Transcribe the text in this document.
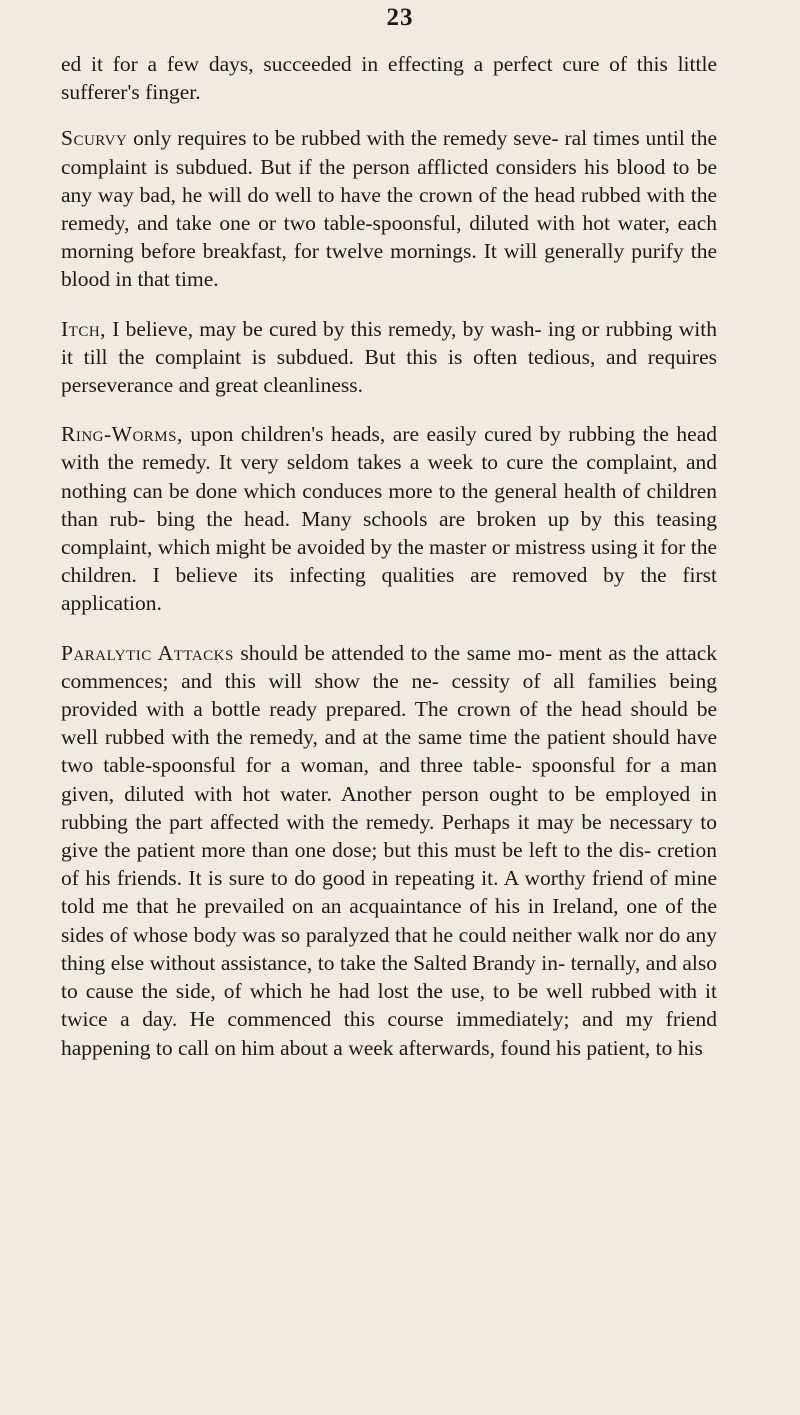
23

ed it for a few days, succeeded in effecting a perfect cure of this little sufferer's finger.

Scurvy only requires to be rubbed with the remedy seve- ral times until the complaint is subdued. But if the person afflicted considers his blood to be any way bad, he will do well to have the crown of the head rubbed with the remedy, and take one or two table-spoonsful, diluted with hot water, each morning before breakfast, for twelve mornings. It will generally purify the blood in that time.

Itch, I believe, may be cured by this remedy, by wash- ing or rubbing with it till the complaint is subdued. But this is often tedious, and requires perseverance and great cleanliness.

Ring-Worms, upon children's heads, are easily cured by rubbing the head with the remedy. It very seldom takes a week to cure the complaint, and nothing can be done which conduces more to the general health of children than rub- bing the head. Many schools are broken up by this teasing complaint, which might be avoided by the master or mistress using it for the children. I believe its infecting qualities are removed by the first application.

Paralytic Attacks should be attended to the same mo- ment as the attack commences; and this will show the ne- cessity of all families being provided with a bottle ready prepared. The crown of the head should be well rubbed with the remedy, and at the same time the patient should have two table-spoonsful for a woman, and three table- spoonsful for a man given, diluted with hot water. Another person ought to be employed in rubbing the part affected with the remedy. Perhaps it may be necessary to give the patient more than one dose; but this must be left to the dis- cretion of his friends. It is sure to do good in repeating it. A worthy friend of mine told me that he prevailed on an acquaintance of his in Ireland, one of the sides of whose body was so paralyzed that he could neither walk nor do any thing else without assistance, to take the Salted Brandy in- ternally, and also to cause the side, of which he had lost the use, to be well rubbed with it twice a day. He commenced this course immediately; and my friend happening to call on him about a week afterwards, found his patient, to his
